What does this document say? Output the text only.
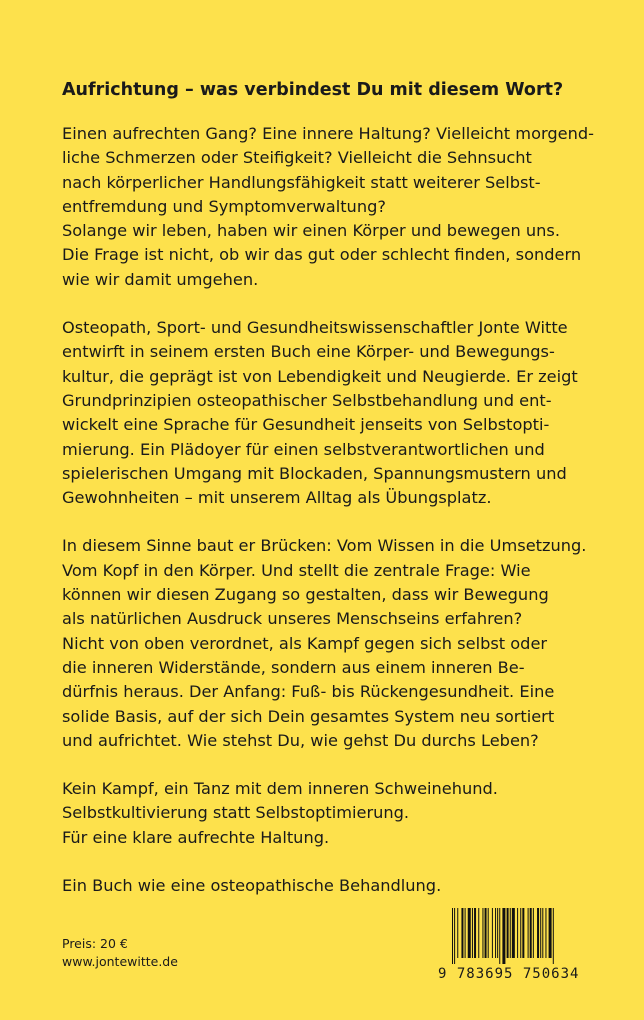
Aufrichtung – was verbindest Du mit diesem Wort?

Einen aufrechten Gang? Eine innere Haltung? Vielleicht morgend-

liche Schmerzen oder Steifigkeit? Vielleicht die Sehnsucht

nach körperlicher Handlungsfähigkeit statt weiterer Selbst-

entfremdung und Symptomverwaltung?

Solange wir leben, haben wir einen Körper und bewegen uns.

Die Frage ist nicht, ob wir das gut oder schlecht finden, sondern

wie wir damit umgehen.

Osteopath, Sport- und Gesundheitswissenschaftler Jonte Witte

entwirft in seinem ersten Buch eine Körper- und Bewegungs-

kultur, die geprägt ist von Lebendigkeit und Neugierde. Er zeigt

Grundprinzipien osteopathischer Selbstbehandlung und ent-

wickelt eine Sprache für Gesundheit jenseits von Selbstopti-

mierung. Ein Plädoyer für einen selbstverantwortlichen und

spielerischen Umgang mit Blockaden, Spannungsmustern und

Gewohnheiten – mit unserem Alltag als Übungsplatz.

In diesem Sinne baut er Brücken: Vom Wissen in die Umsetzung.

Vom Kopf in den Körper. Und stellt die zentrale Frage: Wie

können wir diesen Zugang so gestalten, dass wir Bewegung

als natürlichen Ausdruck unseres Menschseins erfahren?

Nicht von oben verordnet, als Kampf gegen sich selbst oder

die inneren Widerstände, sondern aus einem inneren Be-

dürfnis heraus. Der Anfang: Fuß- bis Rückengesundheit. Eine

solide Basis, auf der sich Dein gesamtes System neu sortiert

und aufrichtet. Wie stehst Du, wie gehst Du durchs Leben?

Kein Kampf, ein Tanz mit dem inneren Schweinehund.

Selbstkultivierung statt Selbstoptimierung.

Für eine klare aufrechte Haltung.

Ein Buch wie eine osteopathische Behandlung.

Preis: 20 €
www.jontewitte.de
9 783695 750634
